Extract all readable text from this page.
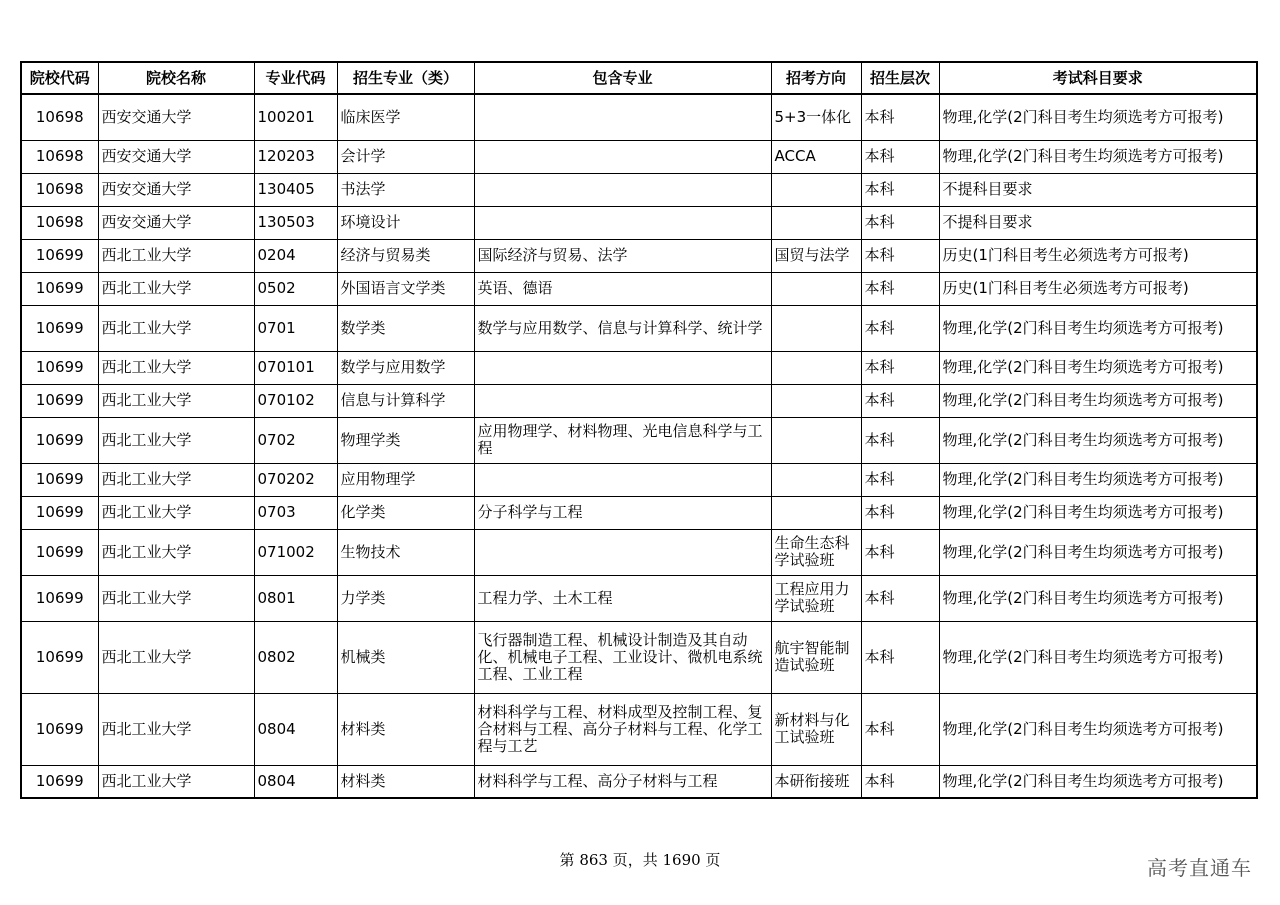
院校代码	院校名称	专业代码	招生专业（类）	包含专业	招考方向	招生层次	考试科目要求
10698	西安交通大学	100201	临床医学		5+3一体化	本科	物理,化学(2门科目考生均须选考方可报考)
10698	西安交通大学	120203	会计学		ACCA	本科	物理,化学(2门科目考生均须选考方可报考)
10698	西安交通大学	130405	书法学			本科	不提科目要求
10698	西安交通大学	130503	环境设计			本科	不提科目要求
10699	西北工业大学	0204	经济与贸易类	国际经济与贸易、法学	国贸与法学	本科	历史(1门科目考生必须选考方可报考)
10699	西北工业大学	0502	外国语言文学类	英语、德语		本科	历史(1门科目考生必须选考方可报考)
10699	西北工业大学	0701	数学类	数学与应用数学、信息与计算科学、统计学		本科	物理,化学(2门科目考生均须选考方可报考)
10699	西北工业大学	070101	数学与应用数学			本科	物理,化学(2门科目考生均须选考方可报考)
10699	西北工业大学	070102	信息与计算科学			本科	物理,化学(2门科目考生均须选考方可报考)
10699	西北工业大学	0702	物理学类	应用物理学、材料物理、光电信息科学与工程		本科	物理,化学(2门科目考生均须选考方可报考)
10699	西北工业大学	070202	应用物理学			本科	物理,化学(2门科目考生均须选考方可报考)
10699	西北工业大学	0703	化学类	分子科学与工程		本科	物理,化学(2门科目考生均须选考方可报考)
10699	西北工业大学	071002	生物技术		生命生态科学试验班	本科	物理,化学(2门科目考生均须选考方可报考)
10699	西北工业大学	0801	力学类	工程力学、土木工程	工程应用力学试验班	本科	物理,化学(2门科目考生均须选考方可报考)
10699	西北工业大学	0802	机械类	飞行器制造工程、机械设计制造及其自动化、机械电子工程、工业设计、微机电系统工程、工业工程	航宇智能制造试验班	本科	物理,化学(2门科目考生均须选考方可报考)
10699	西北工业大学	0804	材料类	材料科学与工程、材料成型及控制工程、复合材料与工程、高分子材料与工程、化学工程与工艺	新材料与化工试验班	本科	物理,化学(2门科目考生均须选考方可报考)
10699	西北工业大学	0804	材料类	材料科学与工程、高分子材料与工程	本研衔接班	本科	物理,化学(2门科目考生均须选考方可报考)
第 863 页，共 1690 页	高考直通车
